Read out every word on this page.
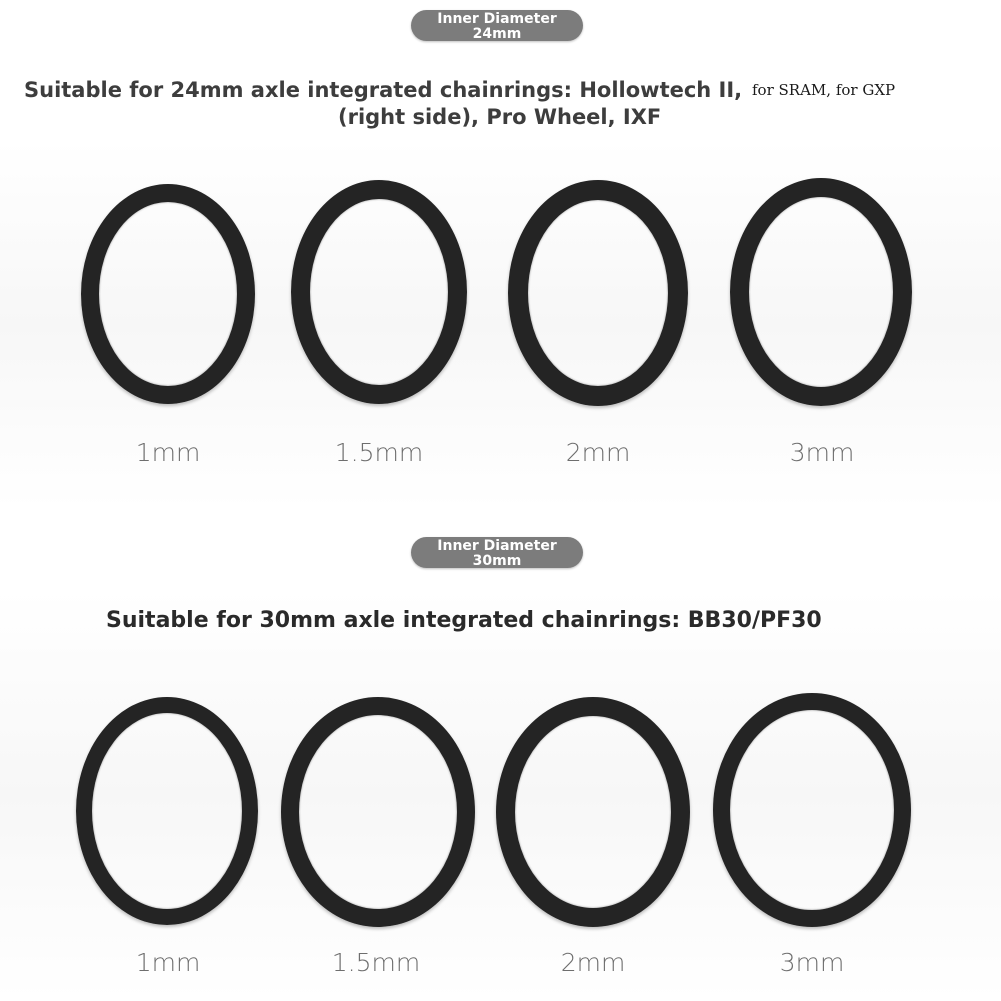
Inner Diameter
24mm

Suitable for 24mm axle integrated chainrings: Hollowtech II,

(right side), Pro Wheel, IXF

for SRAM, for GXP

1mm	1.5mm	2mm	3mm
Inner Diameter
30mm

Suitable for 30mm axle integrated chainrings: BB30/PF30

1mm	1.5mm	2mm	3mm
